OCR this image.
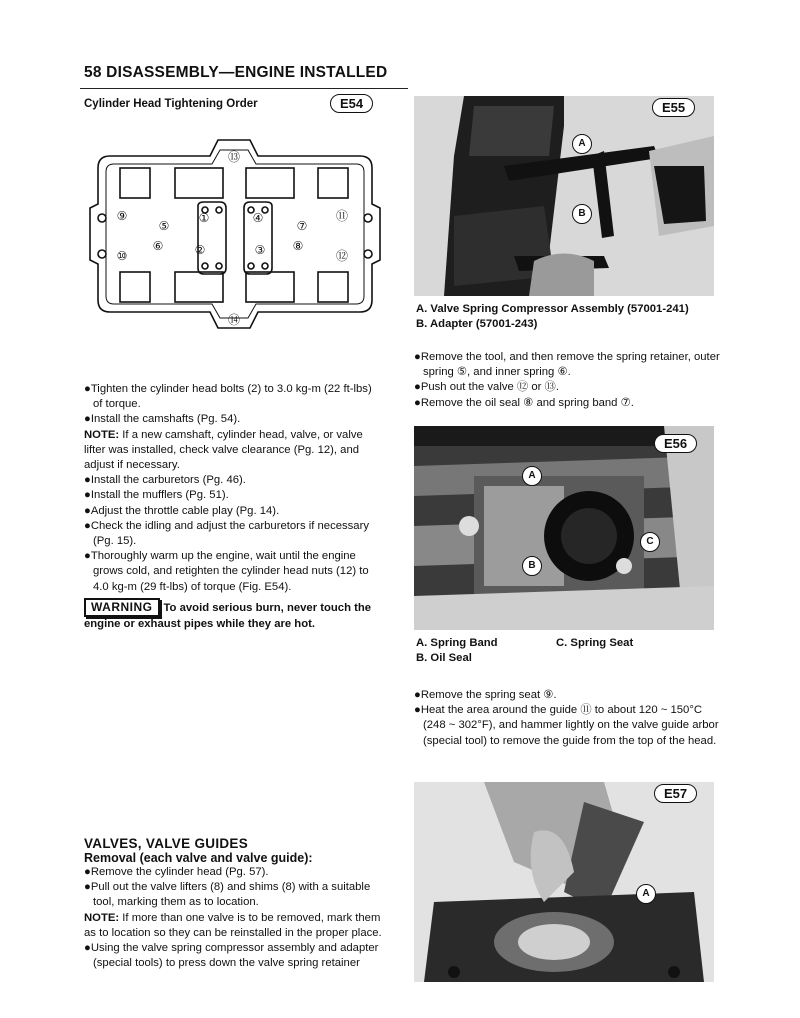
58 DISASSEMBLY—ENGINE INSTALLED
Cylinder Head Tightening Order	E54
⑬
⑤
①	④
⑦
⑨	⑪
⑥	②	③ ⑧
⑩	⑫
⑭

●Tighten the cylinder head bolts (2) to 3.0 kg-m (22 ft-lbs) of torque.

●Install the camshafts (Pg. 54).

NOTE: If a new camshaft, cylinder head, valve, or valve lifter was installed, check valve clearance (Pg. 12), and adjust if necessary.

●Install the carburetors (Pg. 46).

●Install the mufflers (Pg. 51).

●Adjust the throttle cable play (Pg. 14).

●Check the idling and adjust the carburetors if necessary (Pg. 15).

●Thoroughly warm up the engine, wait until the engine grows cold, and retighten the cylinder head nuts (12) to 4.0 kg-m (29 ft-lbs) of torque (Fig. E54).

WARNING To avoid serious burn, never touch the engine or exhaust pipes while they are hot.

VALVES, VALVE GUIDES
Removal (each valve and valve guide):

●Remove the cylinder head (Pg. 57).

●Pull out the valve lifters (8) and shims (8) with a suitable tool, marking them as to location.

NOTE: If more than one valve is to be removed, mark them as to location so they can be reinstalled in the proper place.

●Using the valve spring compressor assembly and adapter (special tools) to press down the valve spring retainer

A
B
E55
A. Valve Spring Compressor Assembly (57001-241)
B. Adapter (57001-243)

●Remove the tool, and then remove the spring retainer, outer spring ⑤, and inner spring ⑥.

●Push out the valve ⑫ or ⑬.

●Remove the oil seal ⑧ and spring band ⑦.

A
B
C
E56
A. Spring Band	C. Spring Seat
B. Oil Seal

●Remove the spring seat ⑨.

●Heat the area around the guide ⑪ to about 120 ~ 150°C (248 ~ 302°F), and hammer lightly on the valve guide arbor (special tool) to remove the guide from the top of the head.

A
E57
